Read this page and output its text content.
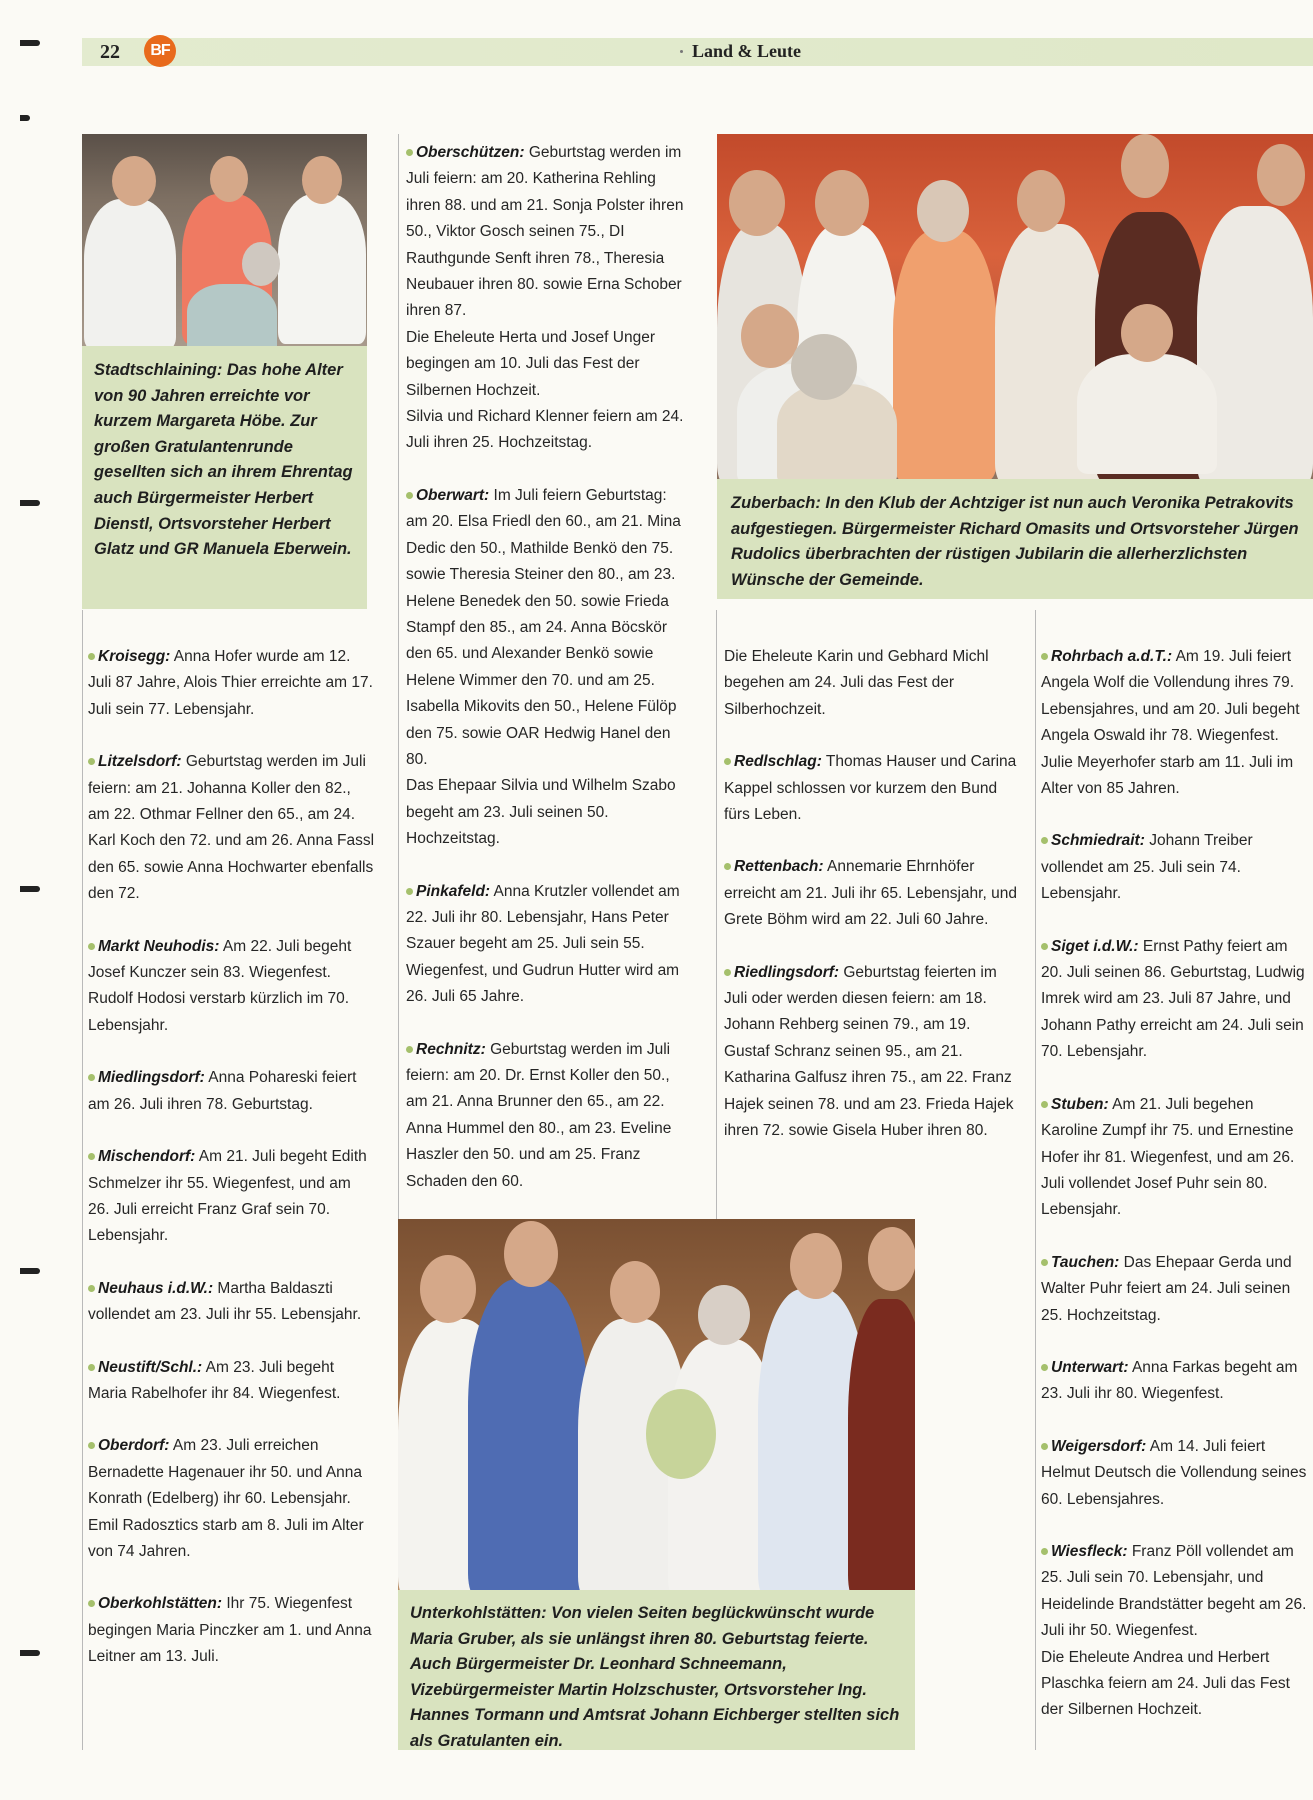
22	BF	Land & Leute
Stadtschlaining: Das hohe Alter von 90 Jahren erreichte vor kurzem Margareta Höbe. Zur großen Gratulantenrunde gesellten sich an ihrem Ehrentag auch Bürgermeister Herbert Dienstl, Ortsvorsteher Herbert Glatz und GR Manuela Eberwein.
Zuberbach: In den Klub der Achtziger ist nun auch Veronika Petrakovits aufgestiegen. Bürgermeister Richard Omasits und Ortsvorsteher Jürgen Rudolics überbrachten der rüstigen Jubilarin die allerherzlichsten Wünsche der Gemeinde.
Unterkohlstätten: Von vielen Seiten beglückwünscht wurde Maria Gruber, als sie unlängst ihren 80. Geburtstag feierte. Auch Bürgermeister Dr. Leonhard Schneemann, Vizebürgermeister Martin Holzschuster, Ortsvorsteher Ing. Hannes Tormann und Amtsrat Johann Eichberger stellten sich als Gratulanten ein.

Kroisegg: Anna Hofer wurde am 12. Juli 87 Jahre, Alois Thier erreichte am 17. Juli sein 77. Lebensjahr.

Litzelsdorf: Geburtstag werden im Juli feiern: am 21. Johanna Koller den 82., am 22. Othmar Fellner den 65., am 24. Karl Koch den 72. und am 26. Anna Fassl den 65. sowie Anna Hochwarter ebenfalls den 72.

Markt Neuhodis: Am 22. Juli begeht Josef Kunczer sein 83. Wiegenfest.
Rudolf Hodosi verstarb kürzlich im 70. Lebensjahr.

Miedlingsdorf: Anna Pohareski feiert am 26. Juli ihren 78. Geburtstag.

Mischendorf: Am 21. Juli begeht Edith Schmelzer ihr 55. Wiegenfest, und am 26. Juli erreicht Franz Graf sein 70. Lebensjahr.

Neuhaus i.d.W.: Martha Baldaszti vollendet am 23. Juli ihr 55. Lebensjahr.

Neustift/Schl.: Am 23. Juli begeht Maria Rabelhofer ihr 84. Wiegenfest.

Oberdorf: Am 23. Juli erreichen Bernadette Hagenauer ihr 50. und Anna Konrath (Edelberg) ihr 60. Lebensjahr.
Emil Radosztics starb am 8. Juli im Alter von 74 Jahren.

Oberkohlstätten: Ihr 75. Wiegenfest begingen Maria Pinczker am 1. und Anna Leitner am 13. Juli.

Oberschützen: Geburtstag werden im Juli feiern: am 20. Katherina Rehling ihren 88. und am 21. Sonja Polster ihren 50., Viktor Gosch seinen 75., DI Rauthgunde Senft ihren 78., Theresia Neubauer ihren 80. sowie Erna Schober ihren 87.
Die Eheleute Herta und Josef Unger begingen am 10. Juli das Fest der Silbernen Hochzeit.
Silvia und Richard Klenner feiern am 24. Juli ihren 25. Hochzeitstag.

Oberwart: Im Juli feiern Geburtstag: am 20. Elsa Friedl den 60., am 21. Mina Dedic den 50., Mathilde Benkö den 75. sowie Theresia Steiner den 80., am 23. Helene Benedek den 50. sowie Frieda Stampf den 85., am 24. Anna Böcskör den 65. und Alexander Benkö sowie Helene Wimmer den 70. und am 25. Isabella Mikovits den 50., Helene Fülöp den 75. sowie OAR Hedwig Hanel den 80.
Das Ehepaar Silvia und Wilhelm Szabo begeht am 23. Juli seinen 50. Hochzeitstag.

Pinkafeld: Anna Krutzler vollendet am 22. Juli ihr 80. Lebensjahr, Hans Peter Szauer begeht am 25. Juli sein 55. Wiegenfest, und Gudrun Hutter wird am 26. Juli 65 Jahre.

Rechnitz: Geburtstag werden im Juli feiern: am 20. Dr. Ernst Koller den 50., am 21. Anna Brunner den 65., am 22. Anna Hummel den 80., am 23. Eveline Haszler den 50. und am 25. Franz Schaden den 60.

Die Eheleute Karin und Gebhard Michl begehen am 24. Juli das Fest der Silberhochzeit.

Redlschlag: Thomas Hauser und Carina Kappel schlossen vor kurzem den Bund fürs Leben.

Rettenbach: Annemarie Ehrnhöfer erreicht am 21. Juli ihr 65. Lebensjahr, und Grete Böhm wird am 22. Juli 60 Jahre.

Riedlingsdorf: Geburtstag feierten im Juli oder werden diesen feiern: am 18. Johann Rehberg seinen 79., am 19. Gustaf Schranz seinen 95., am 21. Katharina Galfusz ihren 75., am 22. Franz Hajek seinen 78. und am 23. Frieda Hajek ihren 72. sowie Gisela Huber ihren 80.

Rohrbach a.d.T.: Am 19. Juli feiert Angela Wolf die Vollendung ihres 79. Lebensjahres, und am 20. Juli begeht Angela Oswald ihr 78. Wiegenfest.
Julie Meyerhofer starb am 11. Juli im Alter von 85 Jahren.

Schmiedrait: Johann Treiber vollendet am 25. Juli sein 74. Lebensjahr.

Siget i.d.W.: Ernst Pathy feiert am 20. Juli seinen 86. Geburtstag, Ludwig Imrek wird am 23. Juli 87 Jahre, und Johann Pathy erreicht am 24. Juli sein 70. Lebensjahr.

Stuben: Am 21. Juli begehen Karoline Zumpf ihr 75. und Ernestine Hofer ihr 81. Wiegenfest, und am 26. Juli vollendet Josef Puhr sein 80. Lebensjahr.

Tauchen: Das Ehepaar Gerda und Walter Puhr feiert am 24. Juli seinen 25. Hochzeitstag.

Unterwart: Anna Farkas begeht am 23. Juli ihr 80. Wiegenfest.

Weigersdorf: Am 14. Juli feiert Helmut Deutsch die Vollendung seines 60. Lebensjahres.

Wiesfleck: Franz Pöll vollendet am 25. Juli sein 70. Lebensjahr, und Heidelinde Brandstätter begeht am 26. Juli ihr 50. Wiegenfest.
Die Eheleute Andrea und Herbert Plaschka feiern am 24. Juli das Fest der Silbernen Hochzeit.
